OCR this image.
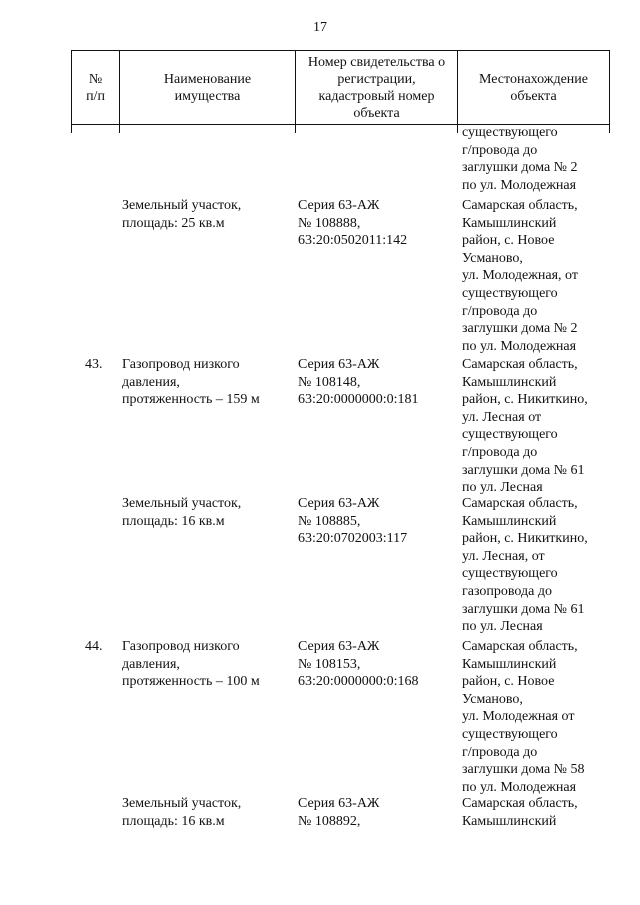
17
№
п/п
Наименование
имущества
Номер свидетельства о
регистрации,
кадастровый номер
объекта
Местонахождение
объекта
существующего
г/провода до
заглушки дома № 2
по ул. Молодежная
Земельный участок,
площадь: 25 кв.м
Серия 63-АЖ
№ 108888,
63:20:0502011:142
Самарская область,
Камышлинский
район, с. Новое
Усманово,
ул. Молодежная, от
существующего
г/провода до
заглушки дома № 2
по ул. Молодежная
43. Газопровод низкого
давления,
протяженность – 159 м
Серия 63-АЖ
№ 108148,
63:20:0000000:0:181
Самарская область,
Камышлинский
район, с. Никиткино,
ул. Лесная от
существующего
г/провода до
заглушки дома № 61
по ул. Лесная
Земельный участок,
площадь: 16 кв.м
Серия 63-АЖ
№ 108885,
63:20:0702003:117
Самарская область,
Камышлинский
район, с. Никиткино,
ул. Лесная, от
существующего
газопровода до
заглушки дома № 61
по ул. Лесная
44. Газопровод низкого
давления,
протяженность – 100 м
Серия 63-АЖ
№ 108153,
63:20:0000000:0:168
Самарская область,
Камышлинский
район, с. Новое
Усманово,
ул. Молодежная от
существующего
г/провода до
заглушки дома № 58
по ул. Молодежная
Земельный участок,
площадь: 16 кв.м
Серия 63-АЖ
№ 108892,
Самарская область,
Камышлинский
